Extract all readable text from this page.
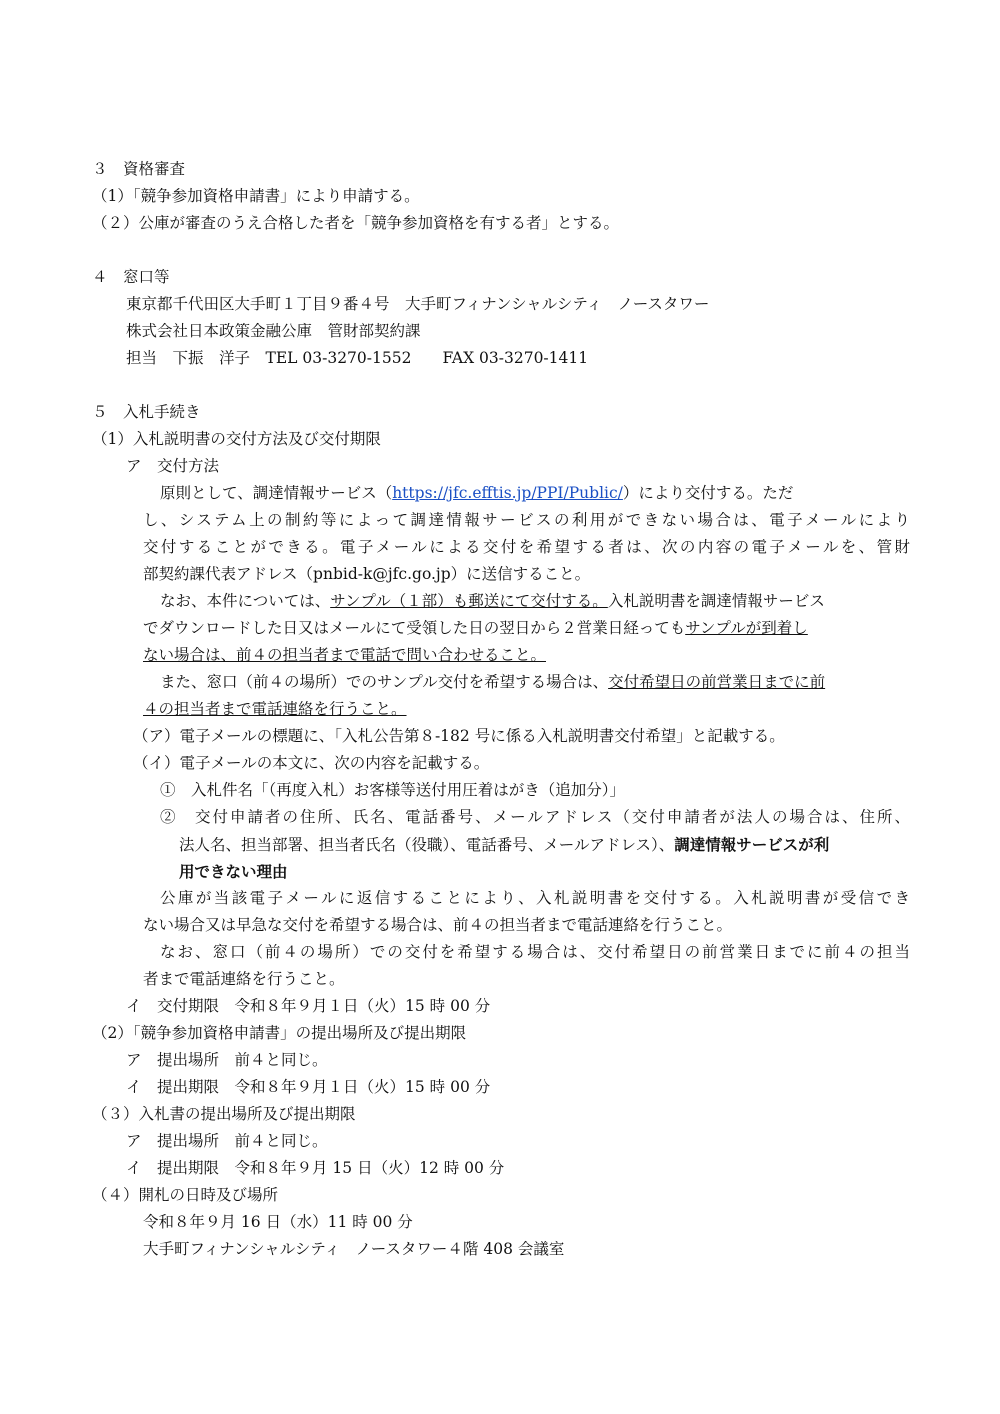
３　資格審査
（1）「競争参加資格申請書」により申請する。
（２）公庫が審査のうえ合格した者を「競争参加資格を有する者」とする。
４　窓口等
東京都千代田区大手町１丁目９番４号　大手町フィナンシャルシティ　ノースタワー
株式会社日本政策金融公庫　管財部契約課
担当　下振　洋子　TEL 03-3270-1552　　FAX 03-3270-1411
５　入札手続き
（1）入札説明書の交付方法及び交付期限
ア　交付方法
原則として、調達情報サービス（https://jfc.efftis.jp/PPI/Public/）により交付する。ただ
し、システム上の制約等によって調達情報サービスの利用ができない場合は、電子メールにより
交付することができる。電子メールによる交付を希望する者は、次の内容の電子メールを、管財
部契約課代表アドレス（pnbid-k@jfc.go.jp）に送信すること。
なお、本件については、サンプル（１部）も郵送にて交付する。入札説明書を調達情報サービス
でダウンロードした日又はメールにて受領した日の翌日から２営業日経ってもサンプルが到着し
ない場合は、前４の担当者まで電話で問い合わせること。
また、窓口（前４の場所）でのサンプル交付を希望する場合は、交付希望日の前営業日までに前
４の担当者まで電話連絡を行うこと。
（ア）電子メールの標題に、「入札公告第８-182 号に係る入札説明書交付希望」と記載する。
（イ）電子メールの本文に、次の内容を記載する。
①　入札件名「（再度入札）お客様等送付用圧着はがき（追加分）」
②　交付申請者の住所、氏名、電話番号、メールアドレス（交付申請者が法人の場合は、住所、
法人名、担当部署、担当者氏名（役職）、電話番号、メールアドレス）、調達情報サービスが利
用できない理由
公庫が当該電子メールに返信することにより、入札説明書を交付する。入札説明書が受信でき
ない場合又は早急な交付を希望する場合は、前４の担当者まで電話連絡を行うこと。
なお、窓口（前４の場所）での交付を希望する場合は、交付希望日の前営業日までに前４の担当
者まで電話連絡を行うこと。
イ　交付期限　令和８年９月１日（火）15 時 00 分
（2）「競争参加資格申請書」の提出場所及び提出期限
ア　提出場所　前４と同じ。
イ　提出期限　令和８年９月１日（火）15 時 00 分
（３）入札書の提出場所及び提出期限
ア　提出場所　前４と同じ。
イ　提出期限　令和８年９月 15 日（火）12 時 00 分
（４）開札の日時及び場所
令和８年９月 16 日（水）11 時 00 分
大手町フィナンシャルシティ　ノースタワー４階 408 会議室
